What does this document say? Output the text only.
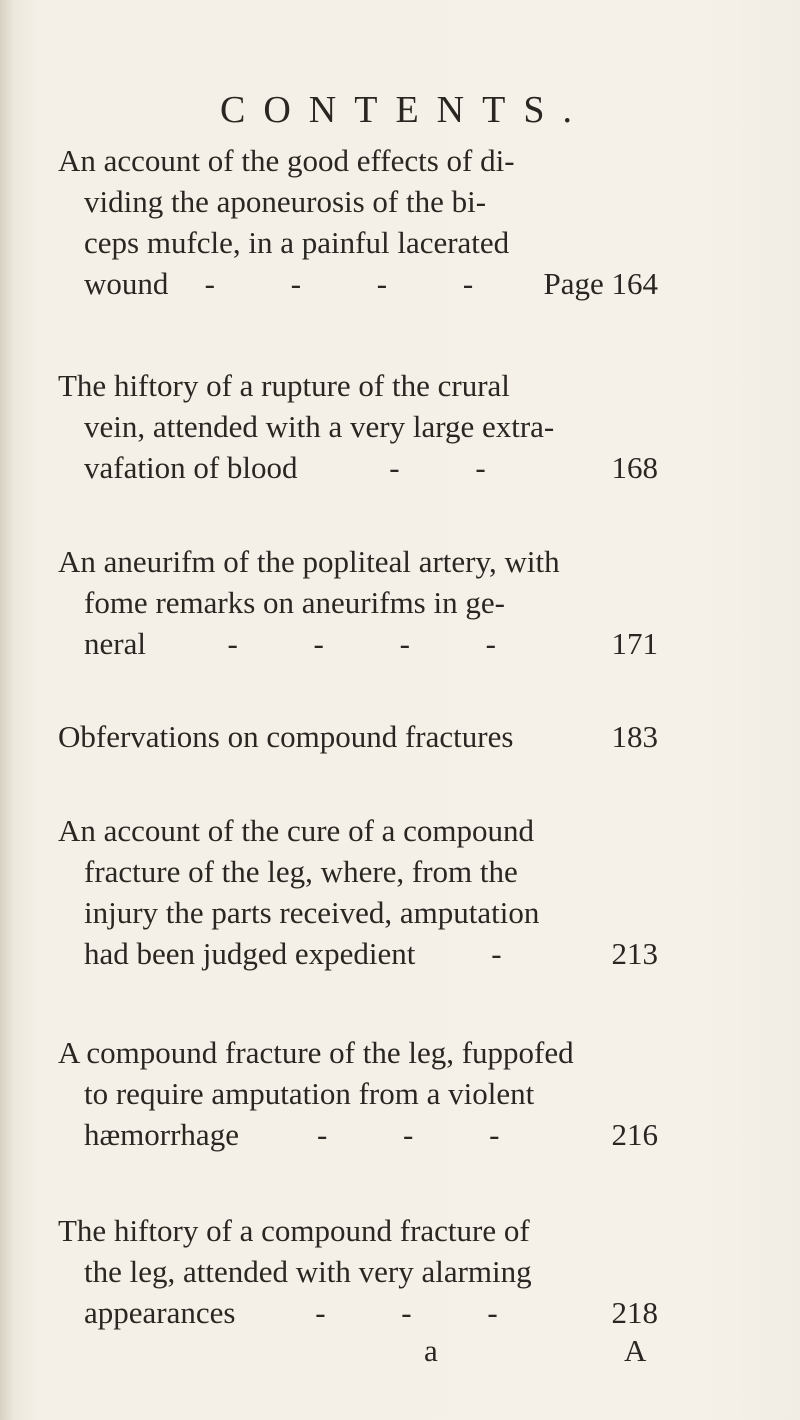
CONTENTS.
An account of the good effects of di-
viding the aponeurosis of the bi-
ceps mufcle, in a painful lacerated
wound	- - - -	Page 164
The hiftory of a rupture of the crural
vein, attended with a very large extra-
vafation of blood	- -	168
An aneurifm of the popliteal artery, with
fome remarks on aneurifms in ge-
neral	- - - -	171
Obfervations on compound fractures	183
An account of the cure of a compound
fracture of the leg, where, from the
injury the parts received, amputation
had been judged expedient	-	213
A compound fracture of the leg, fuppofed
to require amputation from a violent
hæmorrhage	- - -	216
The hiftory of a compound fracture of
the leg, attended with very alarming
appearances	- - -	218
a	A
